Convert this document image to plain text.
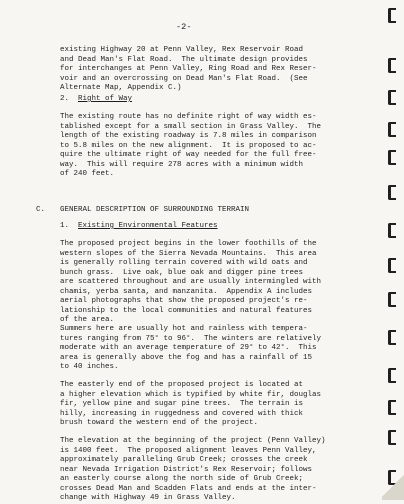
-2-
existing Highway 20 at Penn Valley, Rex Reservoir Road
and Dead Man's Flat Road.  The ultimate design provides
for interchanges at Penn Valley, Ring Road and Rex Reser-
voir and an overcrossing on Dead Man's Flat Road.  (See
Alternate Map, Appendix C.)
2. Right of Way
The existing route has no definite right of way width es-
tablished except for a small section in Grass Valley.  The
length of the existing roadway is 7.8 miles in comparison
to 5.8 miles on the new alignment.  It is proposed to ac-
quire the ultimate right of way needed for the full free-
way.  This will require 278 acres with a minimum width
of 240 feet.
C. GENERAL DESCRIPTION OF SURROUNDING TERRAIN
1. Existing Environmental Features
The proposed project begins in the lower foothills of the
western slopes of the Sierra Nevada Mountains.  This area
is generally rolling terrain covered with wild oats and
bunch grass.  Live oak, blue oak and digger pine trees
are scattered throughout and are usually intermingled with
chamis, yerba santa, and manzanita.  Appendix A includes
aerial photographs that show the proposed project's re-
lationship to the local communities and natural features
of the area.
Summers here are usually hot and rainless with tempera-
tures ranging from 75° to 96°.  The winters are relatively
moderate with an average temperature of 29° to 42°.  This
area is generally above the fog and has a rainfall of 15
to 40 inches.
The easterly end of the proposed project is located at
a higher elevation which is typified by white fir, douglas
fir, yellow pine and sugar pine trees.  The terrain is
hilly, increasing in ruggedness and covered with thick
brush toward the western end of the project.
The elevation at the beginning of the project (Penn Valley)
is 1400 feet.  The proposed alignment leaves Penn Valley,
approximately paralleling Grub Creek; crosses the creek
near Nevada Irrigation District's Rex Reservoir; follows
an easterly course along the north side of Grub Creek;
crosses Dead Man and Scadden Flats and ends at the inter-
change with Highway 49 in Grass Valley.
